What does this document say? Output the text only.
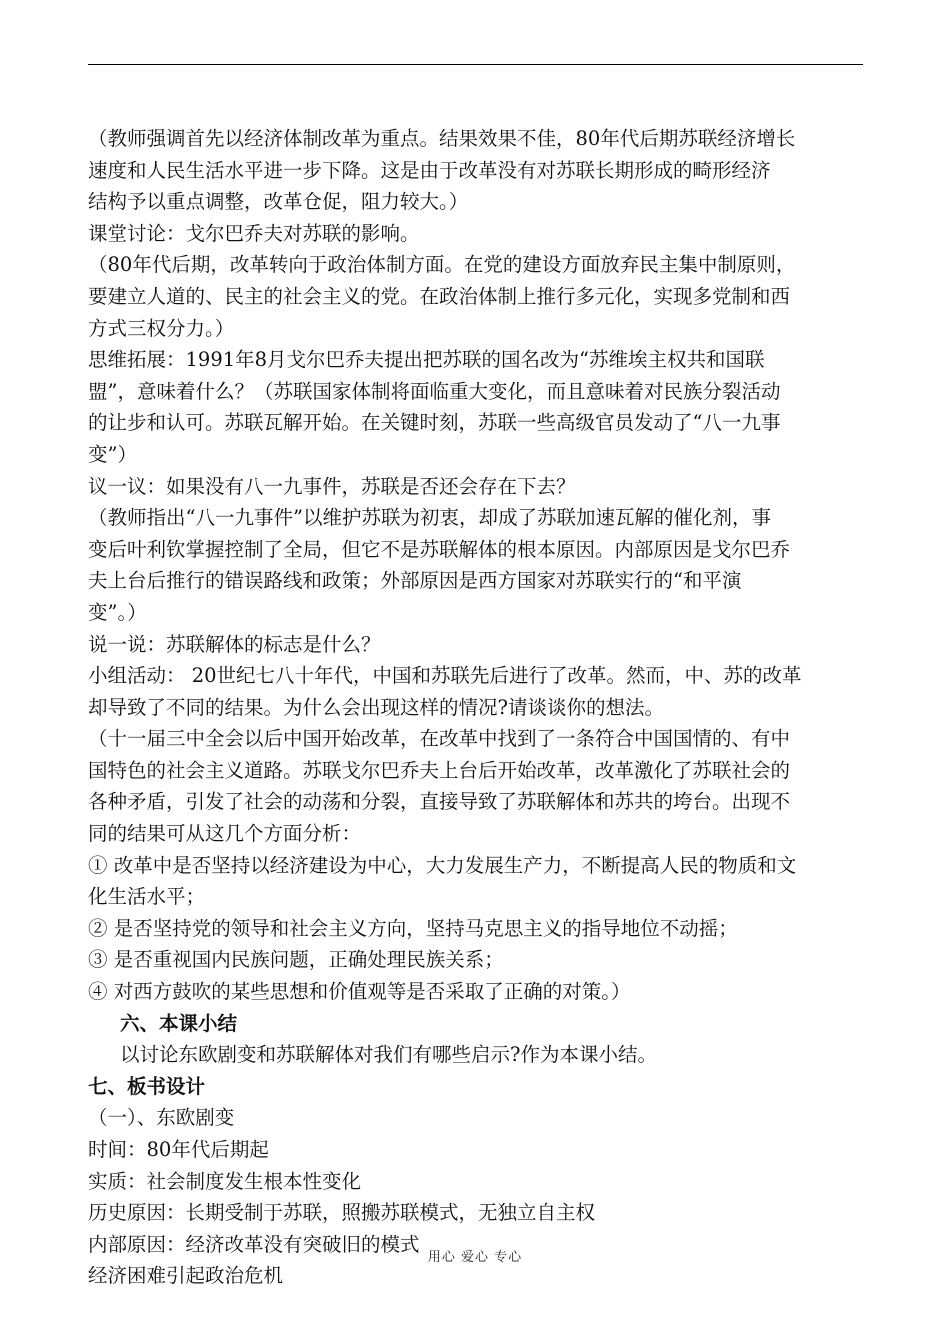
（教师强调首先以经济体制改革为重点。结果效果不佳，80年代后期苏联经济增长
速度和人民生活水平进一步下降。这是由于改革没有对苏联长期形成的畸形经济
结构予以重点调整，改革仓促，阻力较大。）
课堂讨论：戈尔巴乔夫对苏联的影响。
（80年代后期，改革转向于政治体制方面。在党的建设方面放弃民主集中制原则，
要建立人道的、民主的社会主义的党。在政治体制上推行多元化，实现多党制和西
方式三权分力。）
思维拓展：1991年8月戈尔巴乔夫提出把苏联的国名改为“苏维埃主权共和国联
盟”，意味着什么？（苏联国家体制将面临重大变化，而且意味着对民族分裂活动
的让步和认可。苏联瓦解开始。在关键时刻，苏联一些高级官员发动了“八一九事
变”）
议一议：如果没有八一九事件，苏联是否还会存在下去？
（教师指出“八一九事件”以维护苏联为初衷，却成了苏联加速瓦解的催化剂，事
变后叶利钦掌握控制了全局，但它不是苏联解体的根本原因。内部原因是戈尔巴乔
夫上台后推行的错误路线和政策；外部原因是西方国家对苏联实行的“和平演
变”。）
说一说：苏联解体的标志是什么？
小组活动： 20世纪七八十年代，中国和苏联先后进行了改革。然而，中、苏的改革
却导致了不同的结果。为什么会出现这样的情况?请谈谈你的想法。
（十一届三中全会以后中国开始改革，在改革中找到了一条符合中国国情的、有中
国特色的社会主义道路。苏联戈尔巴乔夫上台后开始改革，改革激化了苏联社会的
各种矛盾，引发了社会的动荡和分裂，直接导致了苏联解体和苏共的垮台。出现不
同的结果可从这几个方面分析：
① 改革中是否坚持以经济建设为中心，大力发展生产力，不断提高人民的物质和文
化生活水平；
② 是否坚持党的领导和社会主义方向，坚持马克思主义的指导地位不动摇；
③ 是否重视国内民族问题，正确处理民族关系；
④ 对西方鼓吹的某些思想和价值观等是否采取了正确的对策。）
六、本课小结
以讨论东欧剧变和苏联解体对我们有哪些启示?作为本课小结。
七、板书设计
（一）、东欧剧变
时间：80年代后期起
实质：社会制度发生根本性变化
历史原因：长期受制于苏联，照搬苏联模式，无独立自主权
内部原因：经济改革没有突破旧的模式
经济困难引起政治危机
用心 爱心 专心
